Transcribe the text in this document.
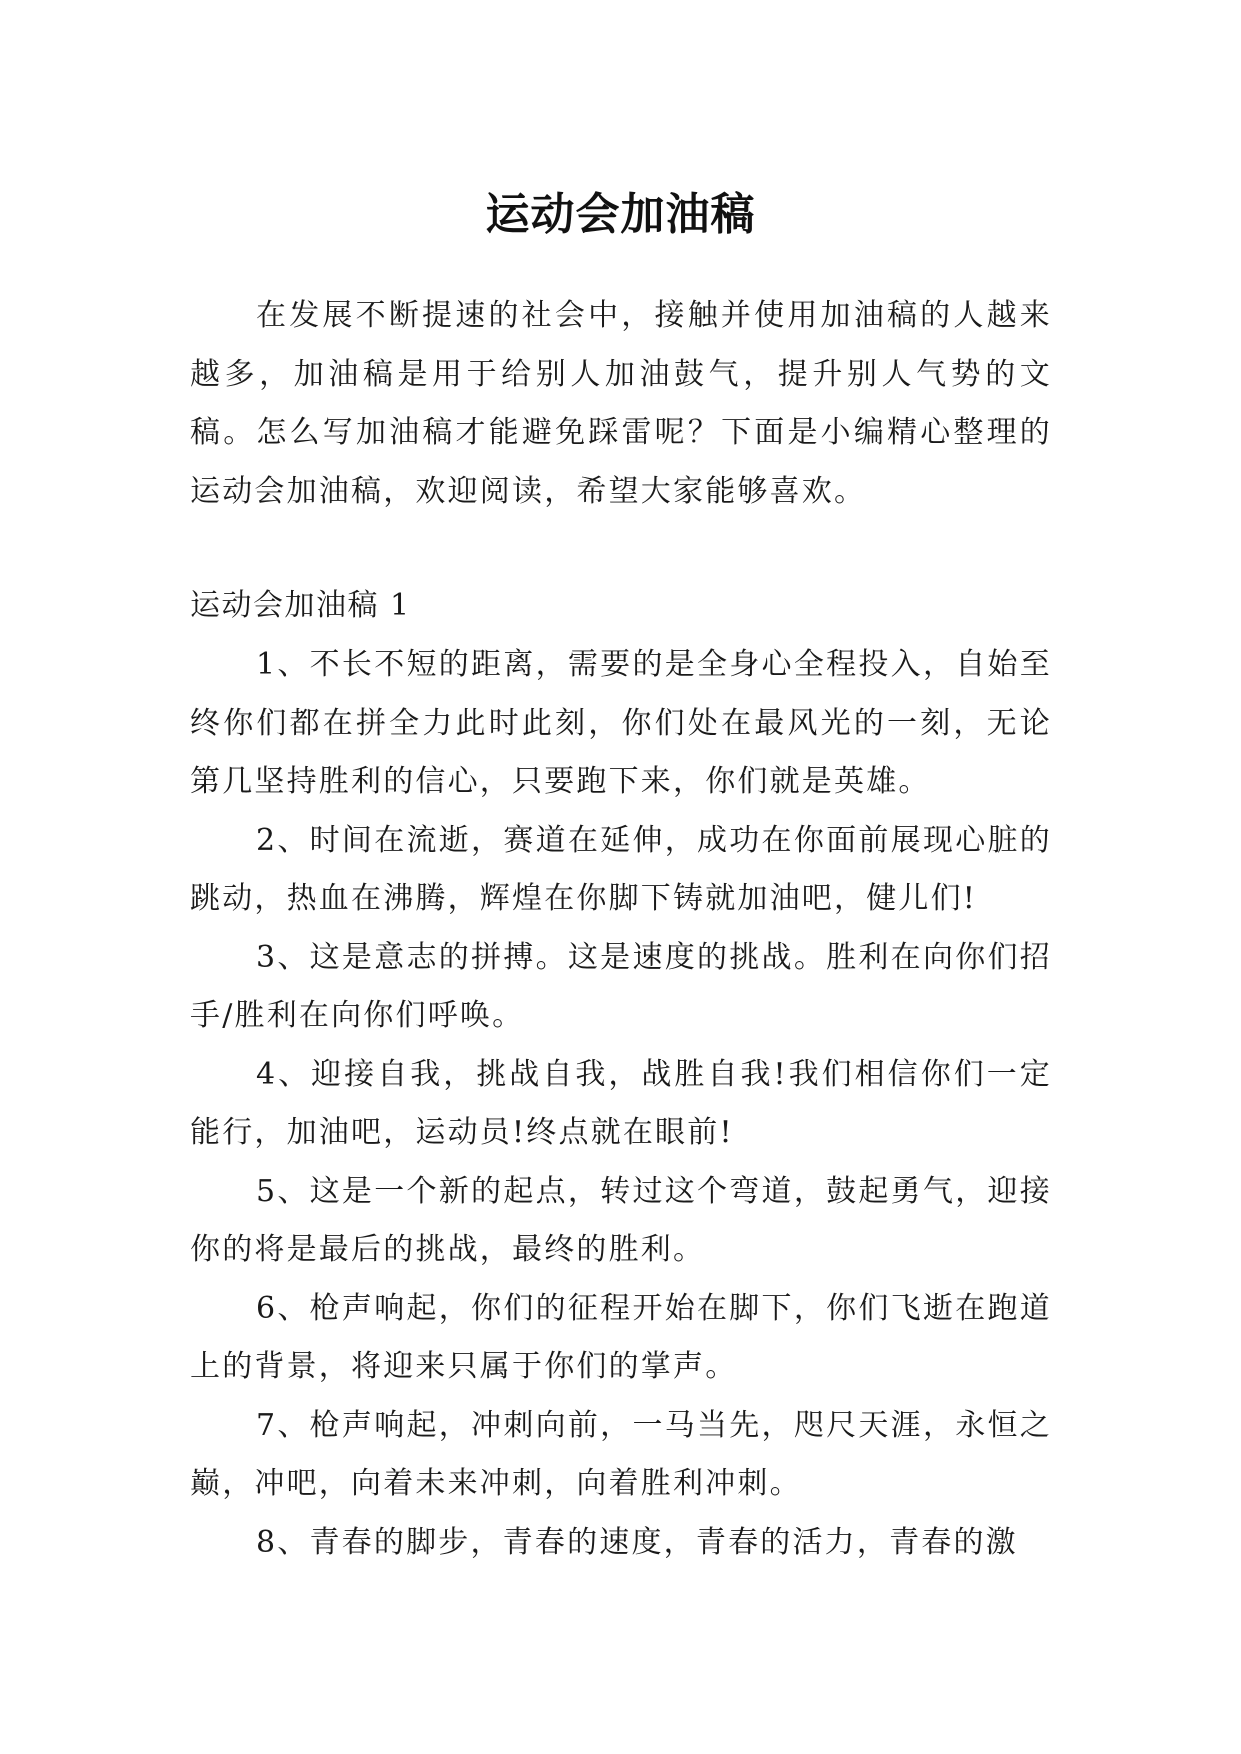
运动会加油稿

在发展不断提速的社会中，接触并使用加油稿的人越来越多，加油稿是用于给别人加油鼓气，提升别人气势的文稿。怎么写加油稿才能避免踩雷呢？下面是小编精心整理的运动会加油稿，欢迎阅读，希望大家能够喜欢。

运动会加油稿 1

1、不长不短的距离，需要的是全身心全程投入，自始至终你们都在拼全力此时此刻，你们处在最风光的一刻，无论第几坚持胜利的信心，只要跑下来，你们就是英雄。
2、时间在流逝，赛道在延伸，成功在你面前展现心脏的跳动，热血在沸腾，辉煌在你脚下铸就加油吧，健儿们!
3、这是意志的拼搏。这是速度的挑战。胜利在向你们招手/胜利在向你们呼唤。
4、迎接自我，挑战自我，战胜自我!我们相信你们一定能行，加油吧，运动员!终点就在眼前!
5、这是一个新的起点，转过这个弯道，鼓起勇气，迎接你的将是最后的挑战，最终的胜利。
6、枪声响起，你们的征程开始在脚下，你们飞逝在跑道上的背景，将迎来只属于你们的掌声。
7、枪声响起，冲刺向前，一马当先，咫尺天涯，永恒之巅，冲吧，向着未来冲刺，向着胜利冲刺。
8、青春的脚步，青春的速度，青春的活力，青春的激
